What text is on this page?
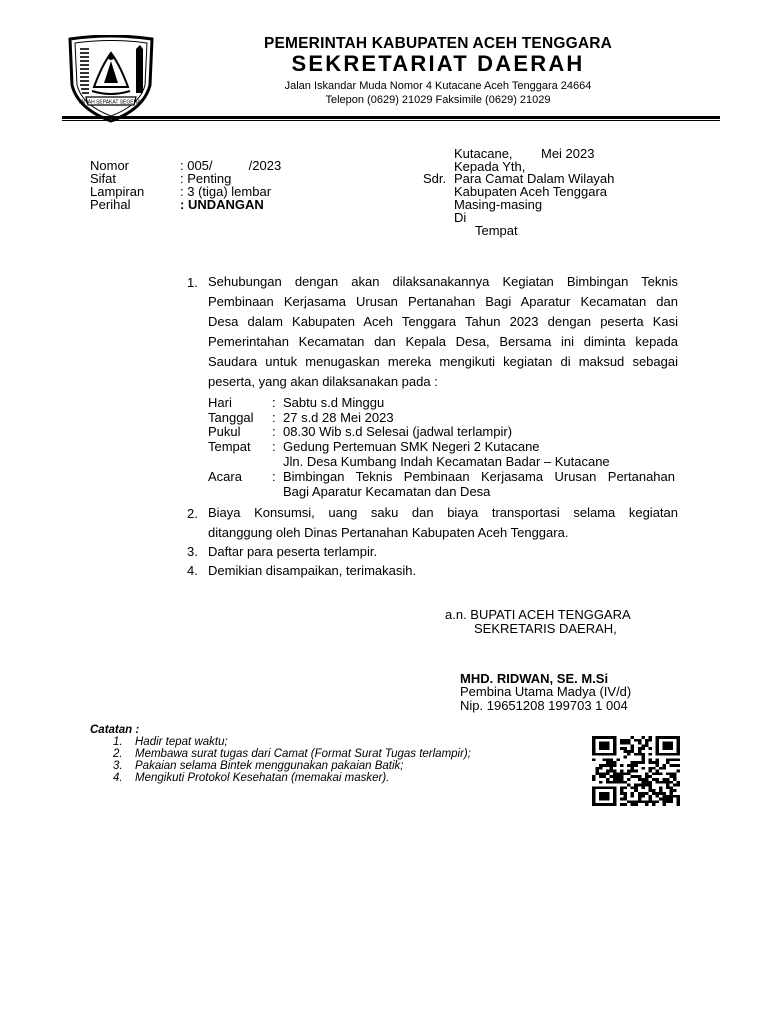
TANAH SEPAKAT SEGENAP
PEMERINTAH KABUPATEN ACEH TENGGARA
SEKRETARIAT DAERAH
Jalan Iskandar Muda Nomor 4 Kutacane Aceh Tenggara 24664
Telepon (0629) 21029 Faksimile (0629) 21029
Kutacane, Mei 2023
Kepada Yth,
Sdr. Para Camat Dalam Wilayah
Kabupaten Aceh Tenggara
Masing-masing
Di
Tempat
Nomor	: 005/          /2023
Sifat	: Penting
Lampiran	: 3 (tiga) lembar
Perihal	: UNDANGAN
1. Sehubungan dengan akan dilaksanakannya Kegiatan Bimbingan Teknis
Pembinaan Kerjasama Urusan Pertanahan Bagi Aparatur Kecamatan dan
Desa dalam Kabupaten Aceh Tenggara Tahun 2023 dengan peserta Kasi
Pemerintahan Kecamatan dan Kepala Desa, Bersama ini diminta kepada
Saudara untuk menugaskan mereka mengikuti kegiatan di maksud sebagai
peserta, yang akan dilaksanakan pada :
Hari	: Sabtu s.d Minggu
Tanggal : 27 s.d 28 Mei 2023
Pukul : 08.30 Wib s.d Selesai (jadwal terlampir)
Tempat : Gedung Pertemuan SMK Negeri 2 Kutacane
Jln. Desa Kumbang Indah Kecamatan Badar – Kutacane
Acara : Bimbingan Teknis Pembinaan Kerjasama Urusan Pertanahan
Bagi Aparatur Kecamatan dan Desa
2. Biaya Konsumsi, uang saku dan biaya transportasi selama kegiatan
ditanggung oleh Dinas Pertanahan Kabupaten Aceh Tenggara.
3. Daftar para peserta terlampir.
4. Demikian disampaikan, terimakasih.
a.n. BUPATI ACEH TENGGARA
SEKRETARIS DAERAH,
MHD. RIDWAN, SE. M.Si
Pembina Utama Madya (IV/d)
Nip. 19651208 199703 1 004
Catatan :
1. Hadir tepat waktu;
2. Membawa surat tugas dari Camat (Format Surat Tugas terlampir);
3. Pakaian selama Bintek menggunakan pakaian Batik;
4. Mengikuti Protokol Kesehatan (memakai masker).
